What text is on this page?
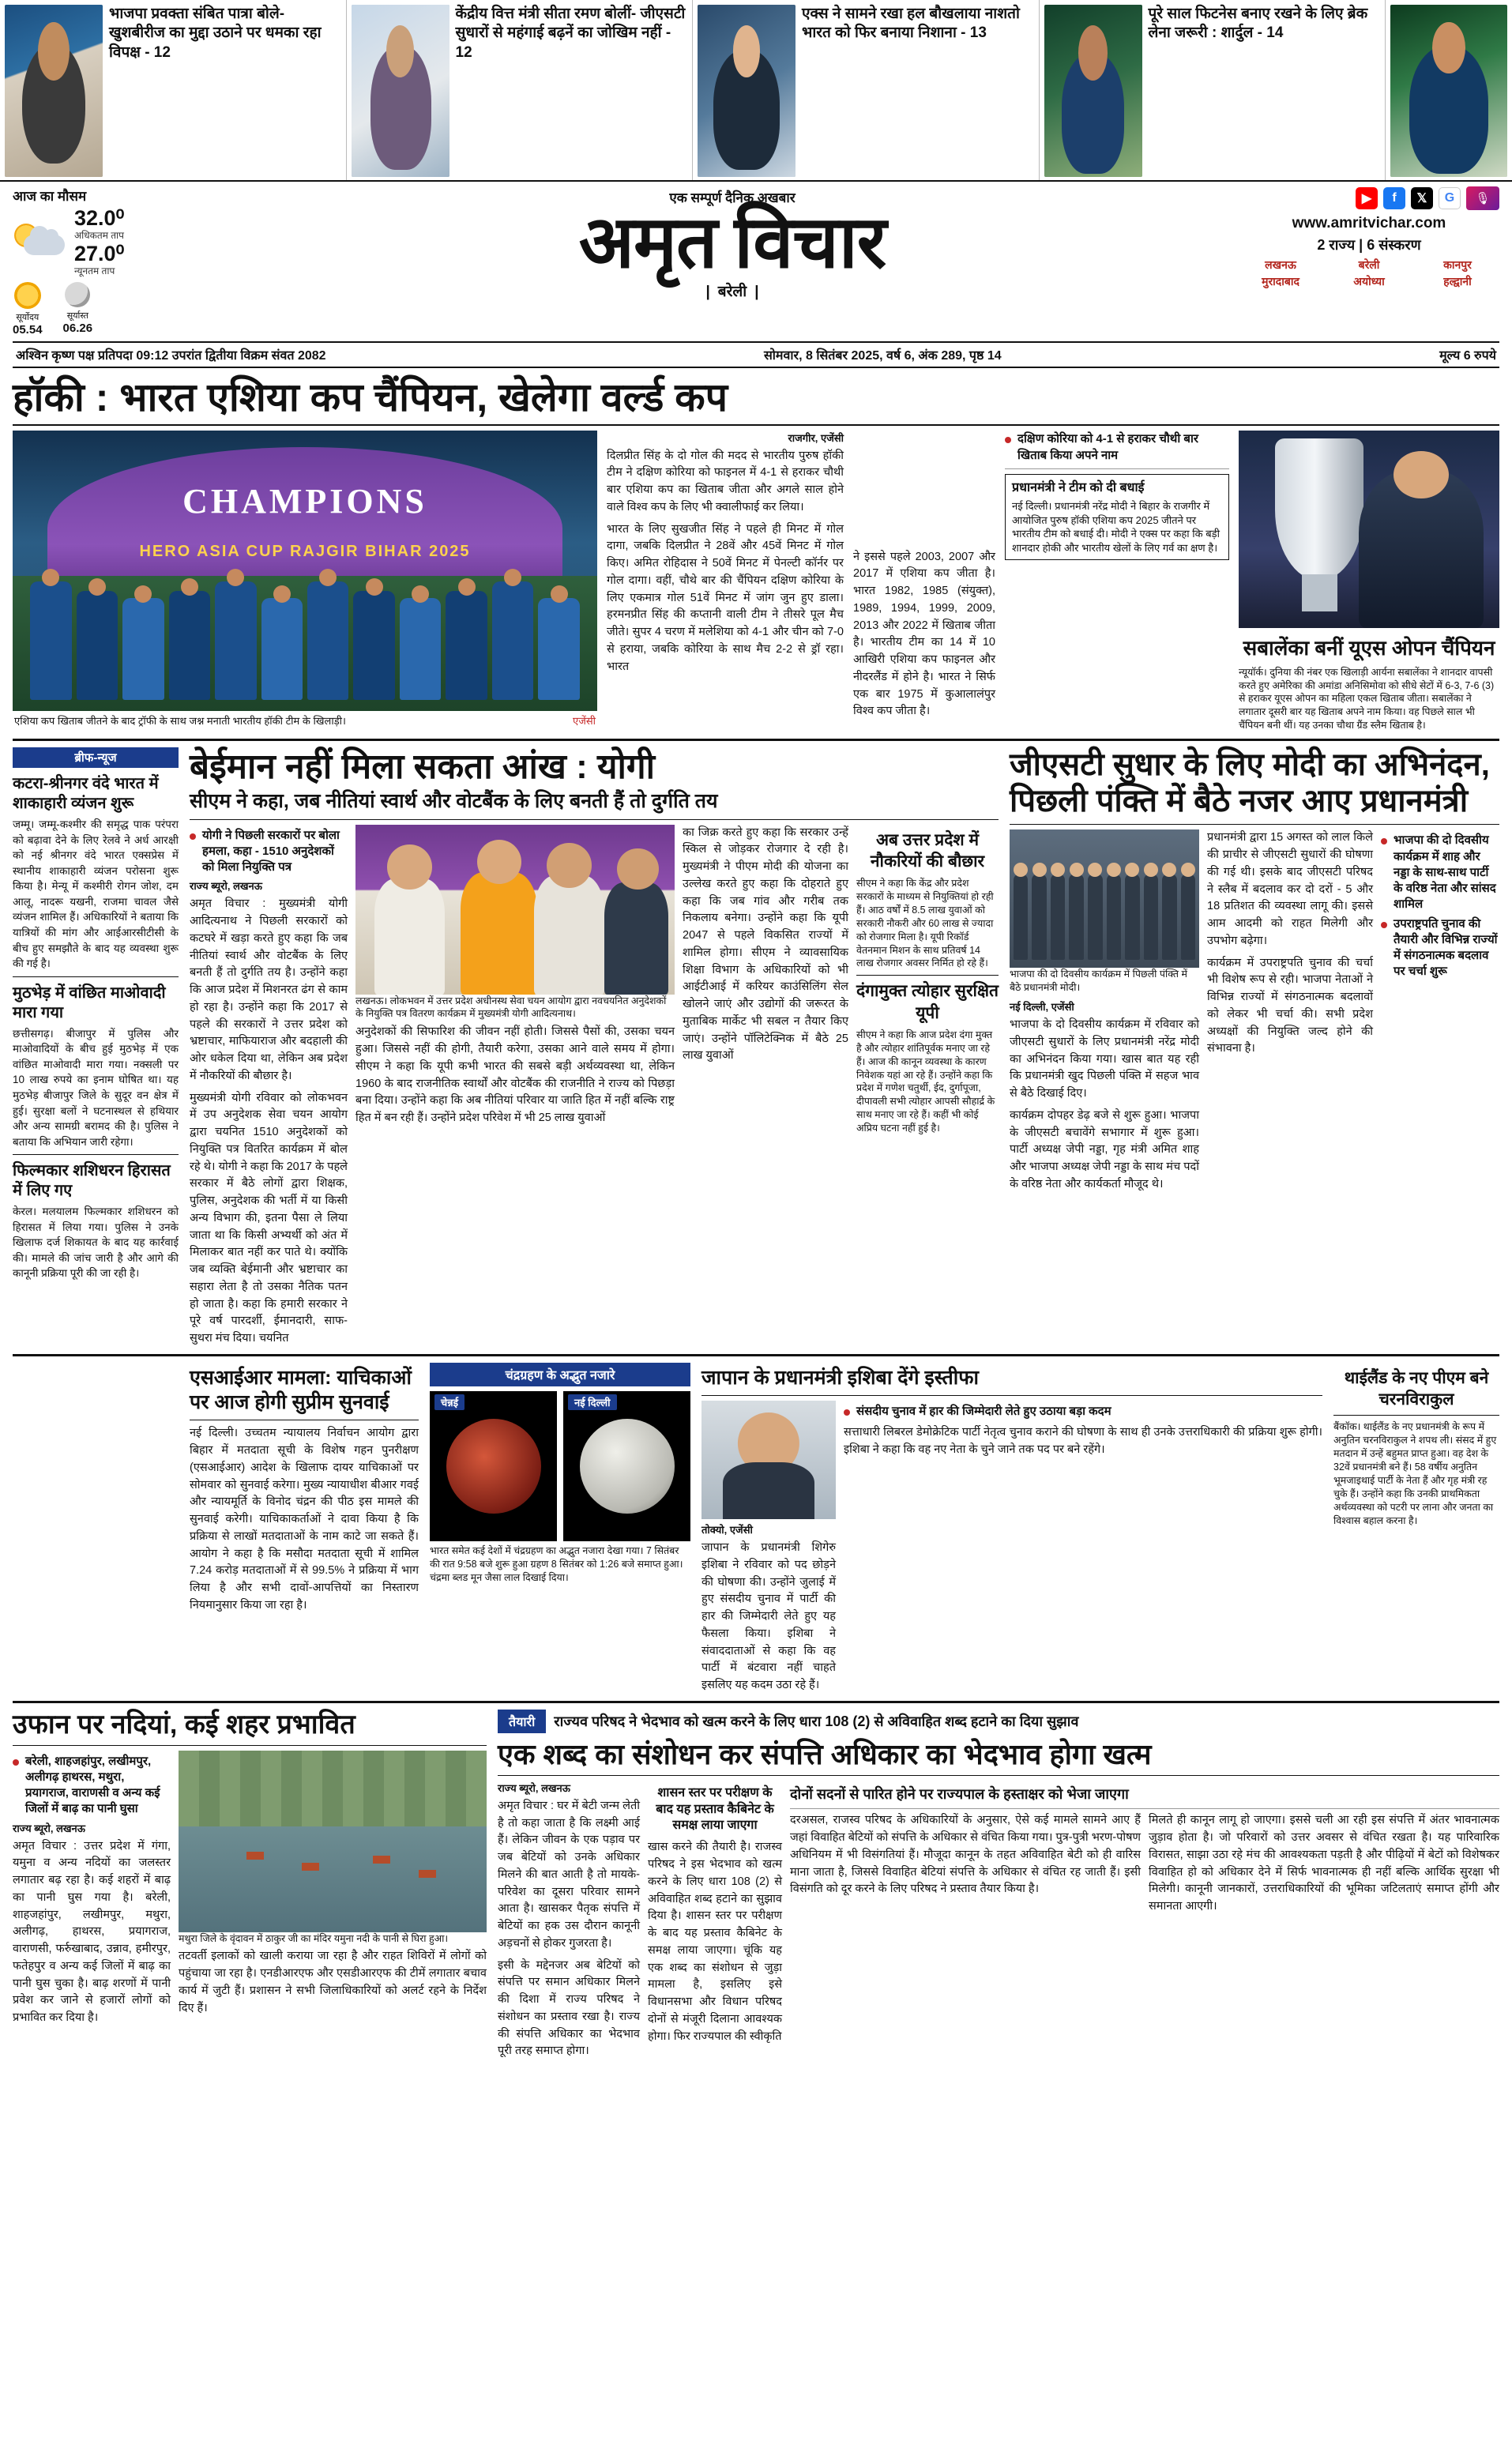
भाजपा प्रवक्ता संबित पात्रा बोले- खुशबीरीज का मुद्दा उठाने पर धमका रहा विपक्ष - 12
केंद्रीय वित्त मंत्री सीता रमण बोलीं- जीएसटी सुधारों से महंगाई बढ़नें का जोखिम नहीं - 12
एक्स ने सामने रखा हल बौखलाया नाशतो भारत को फिर बनाया निशाना - 13
पूरे साल फिटनेस बनाए रखने के लिए ब्रेक लेना जरूरी : शार्दुल - 14
आज का मौसम
32.0⁰
अधिकतम ताप
27.0⁰
न्यूनतम ताप
सूर्योदय
05.54
सूर्यास्त
06.26
एक सम्पूर्ण दैनिक अखबार
अमृत विचार
| बरेली |
▶	f	𝕏	G	🎙
www.amritvichar.com
2 राज्य | 6 संस्करण
लखनऊ	बरेली	कानपुर
मुरादाबाद	अयोध्या	हल्द्वानी
अश्विन कृष्ण पक्ष प्रतिपदा 09:12 उपरांत द्वितीया विक्रम संवत 2082	सोमवार, 8 सितंबर 2025, वर्ष 6, अंक 289, पृष्ठ 14	मूल्य 6 रुपये
हॉकी : भारत एशिया कप चैंपियन, खेलेगा वर्ल्ड कप
CHAMPIONS
HERO ASIA CUP RAJGIR BIHAR 2025
एशिया कप खिताब जीतने के बाद ट्रॉफी के साथ जश्न मनाती भारतीय हॉकी टीम के खिलाड़ी।	एजेंसी
राजगीर, एजेंसी
दिलप्रीत सिंह के दो गोल की मदद से भारतीय पुरुष हॉकी टीम ने दक्षिण कोरिया को फाइनल में 4-1 से हराकर चौथी बार एशिया कप का खिताब जीता और अगले साल होने वाले विश्व कप के लिए भी क्वालीफाई कर लिया।
भारत के लिए सुखजीत सिंह ने पहले ही मिनट में गोल दागा, जबकि दिलप्रीत ने 28वें और 45वें मिनट में गोल किए। अमित रोहिदास ने 50वें मिनट में पेनल्टी कॉर्नर पर गोल दागा। वहीं, चौथे बार की चैंपियन दक्षिण कोरिया के लिए एकमात्र गोल 51वें मिनट में जांग जुन हुए डाला। हरमनप्रीत सिंह की कप्तानी वाली टीम ने तीसरे पूल मैच जीते। सुपर 4 चरण में मलेशिया को 4-1 और चीन को 7-0 से हराया, जबकि कोरिया के साथ मैच 2-2 से ड्रॉ रहा। भारत
ने इससे पहले 2003, 2007 और 2017 में एशिया कप जीता है। भारत 1982, 1985 (संयुक्त), 1989, 1994, 1999, 2009, 2013 और 2022 में खिताब जीता है। भारतीय टीम का 14 में 10 आखिरी एशिया कप फाइनल और नीदरलैंड में होने है। भारत ने सिर्फ एक बार 1975 में कुआलालंपुर विश्व कप जीता है।
दक्षिण कोरिया को 4-1 से हराकर चौथी बार खिताब किया अपने नाम
प्रधानमंत्री ने टीम को दी बधाई
नई दिल्ली। प्रधानमंत्री नरेंद्र मोदी ने बिहार के राजगीर में आयोजित पुरुष हॉकी एशिया कप 2025 जीतने पर भारतीय टीम को बधाई दी। मोदी ने एक्स पर कहा कि बड़ी शानदार होकी और भारतीय खेलों के लिए गर्व का क्षण है।
सबालेंका बनीं यूएस ओपन चैंपियन
न्यूयॉर्क। दुनिया की नंबर एक खिलाड़ी आर्यना सबालेंका ने शानदार वापसी करते हुए अमेरिका की अमांडा अनिसिमोवा को सीधे सेटों में 6-3, 7-6 (3) से हराकर यूएस ओपन का महिला एकल खिताब जीता। सबालेंका ने लगातार दूसरी बार यह खिताब अपने नाम किया। वह पिछले साल भी चैंपियन बनी थीं। यह उनका चौथा ग्रैंड स्लैम खिताब है।
ब्रीफ-न्यूज
कटरा-श्रीनगर वंदे भारत में शाकाहारी व्यंजन शुरू
जम्मू। जम्मू-कश्मीर की समृद्ध पाक परंपरा को बढ़ावा देने के लिए रेलवे ने अर्ध आरक्षी को नई श्रीनगर वंदे भारत एक्सप्रेस में स्थानीय शाकाहारी व्यंजन परोसना शुरू किया है। मेन्यू में कश्मीरी रोगन जोश, दम आलू, नादरू यखनी, राजमा चावल जैसे व्यंजन शामिल हैं। अधिकारियों ने बताया कि यात्रियों की मांग और आईआरसीटीसी के बीच हुए समझौते के बाद यह व्यवस्था शुरू की गई है।
मुठभेड़ में वांछित माओवादी मारा गया
छत्तीसगढ़। बीजापुर में पुलिस और माओवादियों के बीच हुई मुठभेड़ में एक वांछित माओवादी मारा गया। नक्सली पर 10 लाख रुपये का इनाम घोषित था। यह मुठभेड़ बीजापुर जिले के सुदूर वन क्षेत्र में हुई। सुरक्षा बलों ने घटनास्थल से हथियार और अन्य सामग्री बरामद की है। पुलिस ने बताया कि अभियान जारी रहेगा।
फिल्मकार शशिधरन हिरासत में लिए गए
केरल। मलयालम फिल्मकार शशिधरन को हिरासत में लिया गया। पुलिस ने उनके खिलाफ दर्ज शिकायत के बाद यह कार्रवाई की। मामले की जांच जारी है और आगे की कानूनी प्रक्रिया पूरी की जा रही है।
बेईमान नहीं मिला सकता आंख : योगी
सीएम ने कहा, जब नीतियां स्वार्थ और वोटबैंक के लिए बनती हैं तो दुर्गति तय
योगी ने पिछली सरकारों पर बोला हमला, कहा - 1510 अनुदेशकों को मिला नियुक्ति पत्र
राज्य ब्यूरो, लखनऊ
अमृत विचार : मुख्यमंत्री योगी आदित्यनाथ ने पिछली सरकारों को कटघरे में खड़ा करते हुए कहा कि जब नीतियां स्वार्थ और वोटबैंक के लिए बनती हैं तो दुर्गति तय है। उन्होंने कहा कि आज प्रदेश में मिशनरत ढंग से काम हो रहा है। उन्होंने कहा कि 2017 से पहले की सरकारों ने उत्तर प्रदेश को भ्रष्टाचार, माफियाराज और बदहाली की ओर धकेल दिया था, लेकिन अब प्रदेश में नौकरियों की बौछार है।
मुख्यमंत्री योगी रविवार को लोकभवन में उप अनुदेशक सेवा चयन आयोग द्वारा चयनित 1510 अनुदेशकों को नियुक्ति पत्र वितरित कार्यक्रम में बोल रहे थे। योगी ने कहा कि 2017 के पहले सरकार में बैठे लोगों द्वारा शिक्षक, पुलिस, अनुदेशक की भर्ती में या किसी अन्य विभाग की, इतना पैसा ले लिया जाता था कि किसी अभ्यर्थी को अंत में मिलाकर बात नहीं कर पाते थे। क्योंकि जब व्यक्ति बेईमानी और भ्रष्टाचार का सहारा लेता है तो उसका नैतिक पतन हो जाता है। कहा कि हमारी सरकार ने पूरे वर्ष पारदर्शी, ईमानदारी, साफ-सुथरा मंच दिया। चयनित
लखनऊ। लोकभवन में उत्तर प्रदेश अधीनस्थ सेवा चयन आयोग द्वारा नवचयनित अनुदेशकों के नियुक्ति पत्र वितरण कार्यक्रम में मुख्यमंत्री योगी आदित्यनाथ।
अनुदेशकों की सिफारिश की जीवन नहीं होती। जिससे पैसों की, उसका चयन हुआ। जिससे नहीं की होगी, तैयारी करेगा, उसका आने वाले समय में होगा। सीएम ने कहा कि यूपी कभी भारत की सबसे बड़ी अर्थव्यवस्था था, लेकिन 1960 के बाद राजनीतिक स्वार्थों और वोटबैंक की राजनीति ने राज्य को पिछड़ा बना दिया। उन्होंने कहा कि अब नीतियां परिवार या जाति हित में नहीं बल्कि राष्ट्र हित में बन रही हैं। उन्होंने प्रदेश परिवेश में भी 25 लाख युवाओं
का जिक्र करते हुए कहा कि सरकार उन्हें स्किल से जोड़कर रोजगार दे रही है। मुख्यमंत्री ने पीएम मोदी की योजना का उल्लेख करते हुए कहा कि दोहराते हुए कहा कि जब गांव और गरीब तक निकलाय बनेगा। उन्होंने कहा कि यूपी 2047 से पहले विकसित राज्यों में शामिल होगा। सीएम ने व्यावसायिक शिक्षा विभाग के अधिकारियों को भी आईटीआई में करियर काउंसिलिंग सेल खोलने जाएं और उद्योगों की जरूरत के मुताबिक मार्केट भी सबल न तैयार किए जाएं। उन्होंने पॉलिटेक्निक में बैठे 25 लाख युवाओं
अब उत्तर प्रदेश में नौकरियों की बौछार
सीएम ने कहा कि केंद्र और प्रदेश सरकारों के माध्यम से नियुक्तियां हो रही हैं। आठ वर्षों में 8.5 लाख युवाओं को सरकारी नौकरी और 60 लाख से ज्यादा को रोजगार मिला है। यूपी रिकॉर्ड वेतनमान मिशन के साथ प्रतिवर्ष 14 लाख रोजगार अवसर निर्मित हो रहे हैं।
दंगामुक्त त्योहार सुरक्षित यूपी
सीएम ने कहा कि आज प्रदेश दंगा मुक्त है और त्योहार शांतिपूर्वक मनाए जा रहे हैं। आज की कानून व्यवस्था के कारण निवेशक यहां आ रहे हैं। उन्होंने कहा कि प्रदेश में गणेश चतुर्थी, ईद, दुर्गापूजा, दीपावली सभी त्योहार आपसी सौहार्द्र के साथ मनाए जा रहे हैं। कहीं भी कोई अप्रिय घटना नहीं हुई है।
जीएसटी सुधार के लिए मोदी का अभिनंदन, पिछली पंक्ति में बैठे नजर आए प्रधानमंत्री
भाजपा की दो दिवसीय कार्यक्रम में पिछली पंक्ति में बैठे प्रधानमंत्री मोदी।
नई दिल्ली, एजेंसी
भाजपा के दो दिवसीय कार्यक्रम में रविवार को जीएसटी सुधारों के लिए प्रधानमंत्री नरेंद्र मोदी का अभिनंदन किया गया। खास बात यह रही कि प्रधानमंत्री खुद पिछली पंक्ति में सहज भाव से बैठे दिखाई दिए।
कार्यक्रम दोपहर डेढ़ बजे से शुरू हुआ। भाजपा के जीएसटी बचावेंगे सभागार में शुरू हुआ। पार्टी अध्यक्ष जेपी नड्डा, गृह मंत्री अमित शाह और भाजपा अध्यक्ष जेपी नड्डा के साथ मंच पदों के वरिष्ठ नेता और कार्यकर्ता मौजूद थे।
प्रधानमंत्री द्वारा 15 अगस्त को लाल किले की प्राचीर से जीएसटी सुधारों की घोषणा की गई थी। इसके बाद जीएसटी परिषद ने स्लैब में बदलाव कर दो दरों - 5 और 18 प्रतिशत की व्यवस्था लागू की। इससे आम आदमी को राहत मिलेगी और उपभोग बढ़ेगा।
कार्यक्रम में उपराष्ट्रपति चुनाव की चर्चा भी विशेष रूप से रही। भाजपा नेताओं ने विभिन्न राज्यों में संगठनात्मक बदलावों को लेकर भी चर्चा की। सभी प्रदेश अध्यक्षों की नियुक्ति जल्द होने की संभावना है।
भाजपा की दो दिवसीय कार्यक्रम में शाह और नड्डा के साथ-साथ पार्टी के वरिष्ठ नेता और सांसद शामिल
उपराष्ट्रपति चुनाव की तैयारी और विभिन्न राज्यों में संगठनात्मक बदलाव पर चर्चा शुरू
एसआईआर मामला: याचिकाओं पर आज होगी सुप्रीम सुनवाई
नई दिल्ली। उच्चतम न्यायालय निर्वाचन आयोग द्वारा बिहार में मतदाता सूची के विशेष गहन पुनरीक्षण (एसआईआर) आदेश के खिलाफ दायर याचिकाओं पर सोमवार को सुनवाई करेगा। मुख्य न्यायाधीश बीआर गवई और न्यायमूर्ति के विनोद चंद्रन की पीठ इस मामले की सुनवाई करेगी। याचिकाकर्ताओं ने दावा किया है कि प्रक्रिया से लाखों मतदाताओं के नाम काटे जा सकते हैं। आयोग ने कहा है कि मसौदा मतदाता सूची में शामिल 7.24 करोड़ मतदाताओं में से 99.5% ने प्रक्रिया में भाग लिया है और सभी दावों-आपत्तियों का निस्तारण नियमानुसार किया जा रहा है।
चंद्रग्रहण के अद्भुत नजारे
चेन्नई	नई दिल्ली
भारत समेत कई देशों में चंद्रग्रहण का अद्भुत नजारा देखा गया। 7 सितंबर की रात 9:58 बजे शुरू हुआ ग्रहण 8 सितंबर को 1:26 बजे समाप्त हुआ। चंद्रमा ब्लड मून जैसा लाल दिखाई दिया।
जापान के प्रधानमंत्री इशिबा देंगे इस्तीफा
तोक्यो, एजेंसी
जापान के प्रधानमंत्री शिगेरु इशिबा ने रविवार को पद छोड़ने की घोषणा की। उन्होंने जुलाई में हुए संसदीय चुनाव में पार्टी की हार की जिम्मेदारी लेते हुए यह फैसला किया। इशिबा ने संवाददाताओं से कहा कि वह पार्टी में बंटवारा नहीं चाहते इसलिए यह कदम उठा रहे हैं।
संसदीय चुनाव में हार की जिम्मेदारी लेते हुए उठाया बड़ा कदम
सत्ताधारी लिबरल डेमोक्रेटिक पार्टी नेतृत्व चुनाव कराने की घोषणा के साथ ही उनके उत्तराधिकारी की प्रक्रिया शुरू होगी। इशिबा ने कहा कि वह नए नेता के चुने जाने तक पद पर बने रहेंगे।
थाईलैंड के नए पीएम बने चरनविराकुल
बैंकॉक। थाईलैंड के नए प्रधानमंत्री के रूप में अनुतिन चरनविराकुल ने शपथ ली। संसद में हुए मतदान में उन्हें बहुमत प्राप्त हुआ। वह देश के 32वें प्रधानमंत्री बने हैं। 58 वर्षीय अनुतिन भूमजाइथाई पार्टी के नेता हैं और गृह मंत्री रह चुके हैं। उन्होंने कहा कि उनकी प्राथमिकता अर्थव्यवस्था को पटरी पर लाना और जनता का विश्वास बहाल करना है।
उफान पर नदियां, कई शहर प्रभावित
बरेली, शाहजहांपुर, लखीमपुर, अलीगढ़ हाथरस, मथुरा, प्रयागराज, वाराणसी व अन्य कई जिलों में बाढ़ का पानी घुसा
राज्य ब्यूरो, लखनऊ
अमृत विचार : उत्तर प्रदेश में गंगा, यमुना व अन्य नदियों का जलस्तर लगातार बढ़ रहा है। कई शहरों में बाढ़ का पानी घुस गया है। बरेली, शाहजहांपुर, लखीमपुर, मथुरा, अलीगढ़, हाथरस, प्रयागराज, वाराणसी, फर्रुखाबाद, उन्नाव, हमीरपुर, फतेहपुर व अन्य कई जिलों में बाढ़ का पानी घुस चुका है। बाढ़ शरणों में पानी प्रवेश कर जाने से हजारों लोगों को प्रभावित कर दिया है।
मथुरा जिले के वृंदावन में ठाकुर जी का मंदिर यमुना नदी के पानी से घिरा हुआ।
तटवर्ती इलाकों को खाली कराया जा रहा है और राहत शिविरों में लोगों को पहुंचाया जा रहा है। एनडीआरएफ और एसडीआरएफ की टीमें लगातार बचाव कार्य में जुटी हैं। प्रशासन ने सभी जिलाधिकारियों को अलर्ट रहने के निर्देश दिए हैं।
तैयारी	राज्यव परिषद ने भेदभाव को खत्म करने के लिए धारा 108 (2) से अविवाहित शब्द हटाने का दिया सुझाव
एक शब्द का संशोधन कर संपत्ति अधिकार का भेदभाव होगा खत्म
राज्य ब्यूरो, लखनऊ
अमृत विचार : घर में बेटी जन्म लेती है तो कहा जाता है कि लक्ष्मी आई हैं। लेकिन जीवन के एक पड़ाव पर जब बेटियों को उनके अधिकार मिलने की बात आती है तो मायके-परिवेश का दूसरा परिवार सामने आता है। खासकर पैतृक संपत्ति में बेटियों का हक उस दौरान कानूनी अड़चनों से होकर गुजरता है।
इसी के मद्देनजर अब बेटियों को संपत्ति पर समान अधिकार मिलने की दिशा में राज्य परिषद ने संशोधन का प्रस्ताव रखा है। राज्य की संपत्ति अधिकार का भेदभाव पूरी तरह समाप्त होगा।
शासन स्तर पर परीक्षण के बाद यह प्रस्ताव कैबिनेट के समक्ष लाया जाएगा
खास करने की तैयारी है। राजस्व परिषद ने इस भेदभाव को खत्म करने के लिए धारा 108 (2) से अविवाहित शब्द हटाने का सुझाव दिया है। शासन स्तर पर परीक्षण के बाद यह प्रस्ताव कैबिनेट के समक्ष लाया जाएगा। चूंकि यह एक शब्द का संशोधन से जुड़ा मामला है, इसलिए इसे विधानसभा और विधान परिषद दोनों से मंजूरी दिलाना आवश्यक होगा। फिर राज्यपाल की स्वीकृति
दोनों सदनों से पारित होने पर राज्यपाल के हस्ताक्षर को भेजा जाएगा
दरअसल, राजस्व परिषद के अधिकारियों के अनुसार, ऐसे कई मामले सामने आए हैं जहां विवाहित बेटियों को संपत्ति के अधिकार से वंचित किया गया। पुत्र-पुत्री भरण-पोषण अधिनियम में भी विसंगतियां हैं। मौजूदा कानून के तहत अविवाहित बेटी को ही वारिस माना जाता है, जिससे विवाहित बेटियां संपत्ति के अधिकार से वंचित रह जाती हैं। इसी विसंगति को दूर करने के लिए परिषद ने प्रस्ताव तैयार किया है।
मिलते ही कानून लागू हो जाएगा। इससे चली आ रही इस संपत्ति में अंतर भावनात्मक जुड़ाव होता है। जो परिवारों को उत्तर अवसर से वंचित रखता है। यह पारिवारिक विरासत, साझा उठा रहे मंच की आवश्यकता पड़ती है और पीढ़ियों में बेटों को विशेषकर विवाहित हो को अधिकार देने में सिर्फ भावनात्मक ही नहीं बल्कि आर्थिक सुरक्षा भी मिलेगी। कानूनी जानकारों, उत्तराधिकारियों की भूमिका जटिलताएं समाप्त होंगी और समानता आएगी।
